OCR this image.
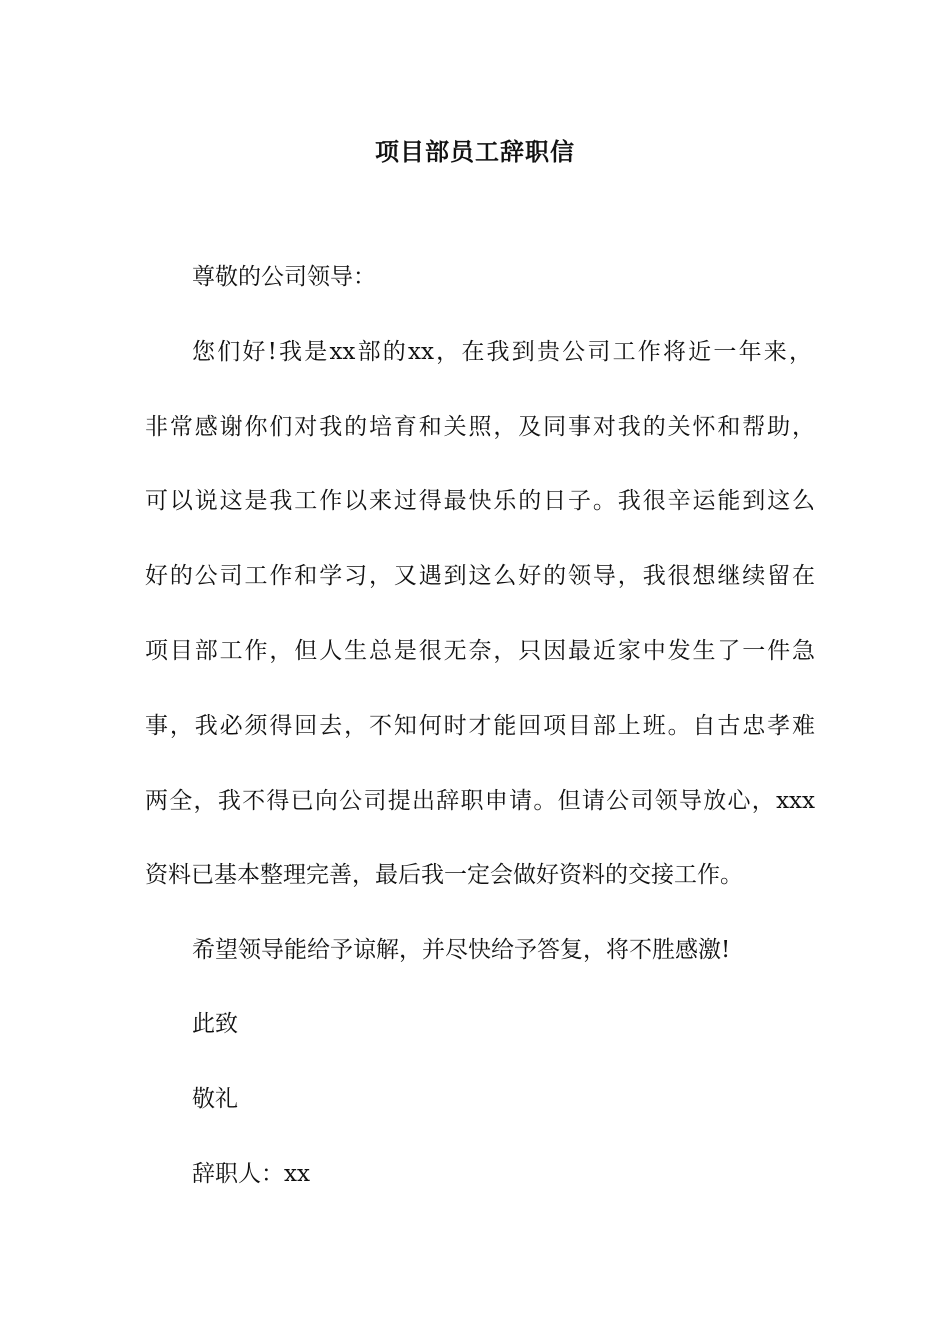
项目部员工辞职信
尊敬的公司领导：
您们好!我是xx部的xx，在我到贵公司工作将近一年来，
非常感谢你们对我的培育和关照，及同事对我的关怀和帮助，
可以说这是我工作以来过得最快乐的日子。我很辛运能到这么
好的公司工作和学习，又遇到这么好的领导，我很想继续留在
项目部工作，但人生总是很无奈，只因最近家中发生了一件急
事，我必须得回去，不知何时才能回项目部上班。自古忠孝难
两全，我不得已向公司提出辞职申请。但请公司领导放心，xxx
资料已基本整理完善，最后我一定会做好资料的交接工作。
希望领导能给予谅解，并尽快给予答复，将不胜感激!
此致
敬礼
辞职人：xx
